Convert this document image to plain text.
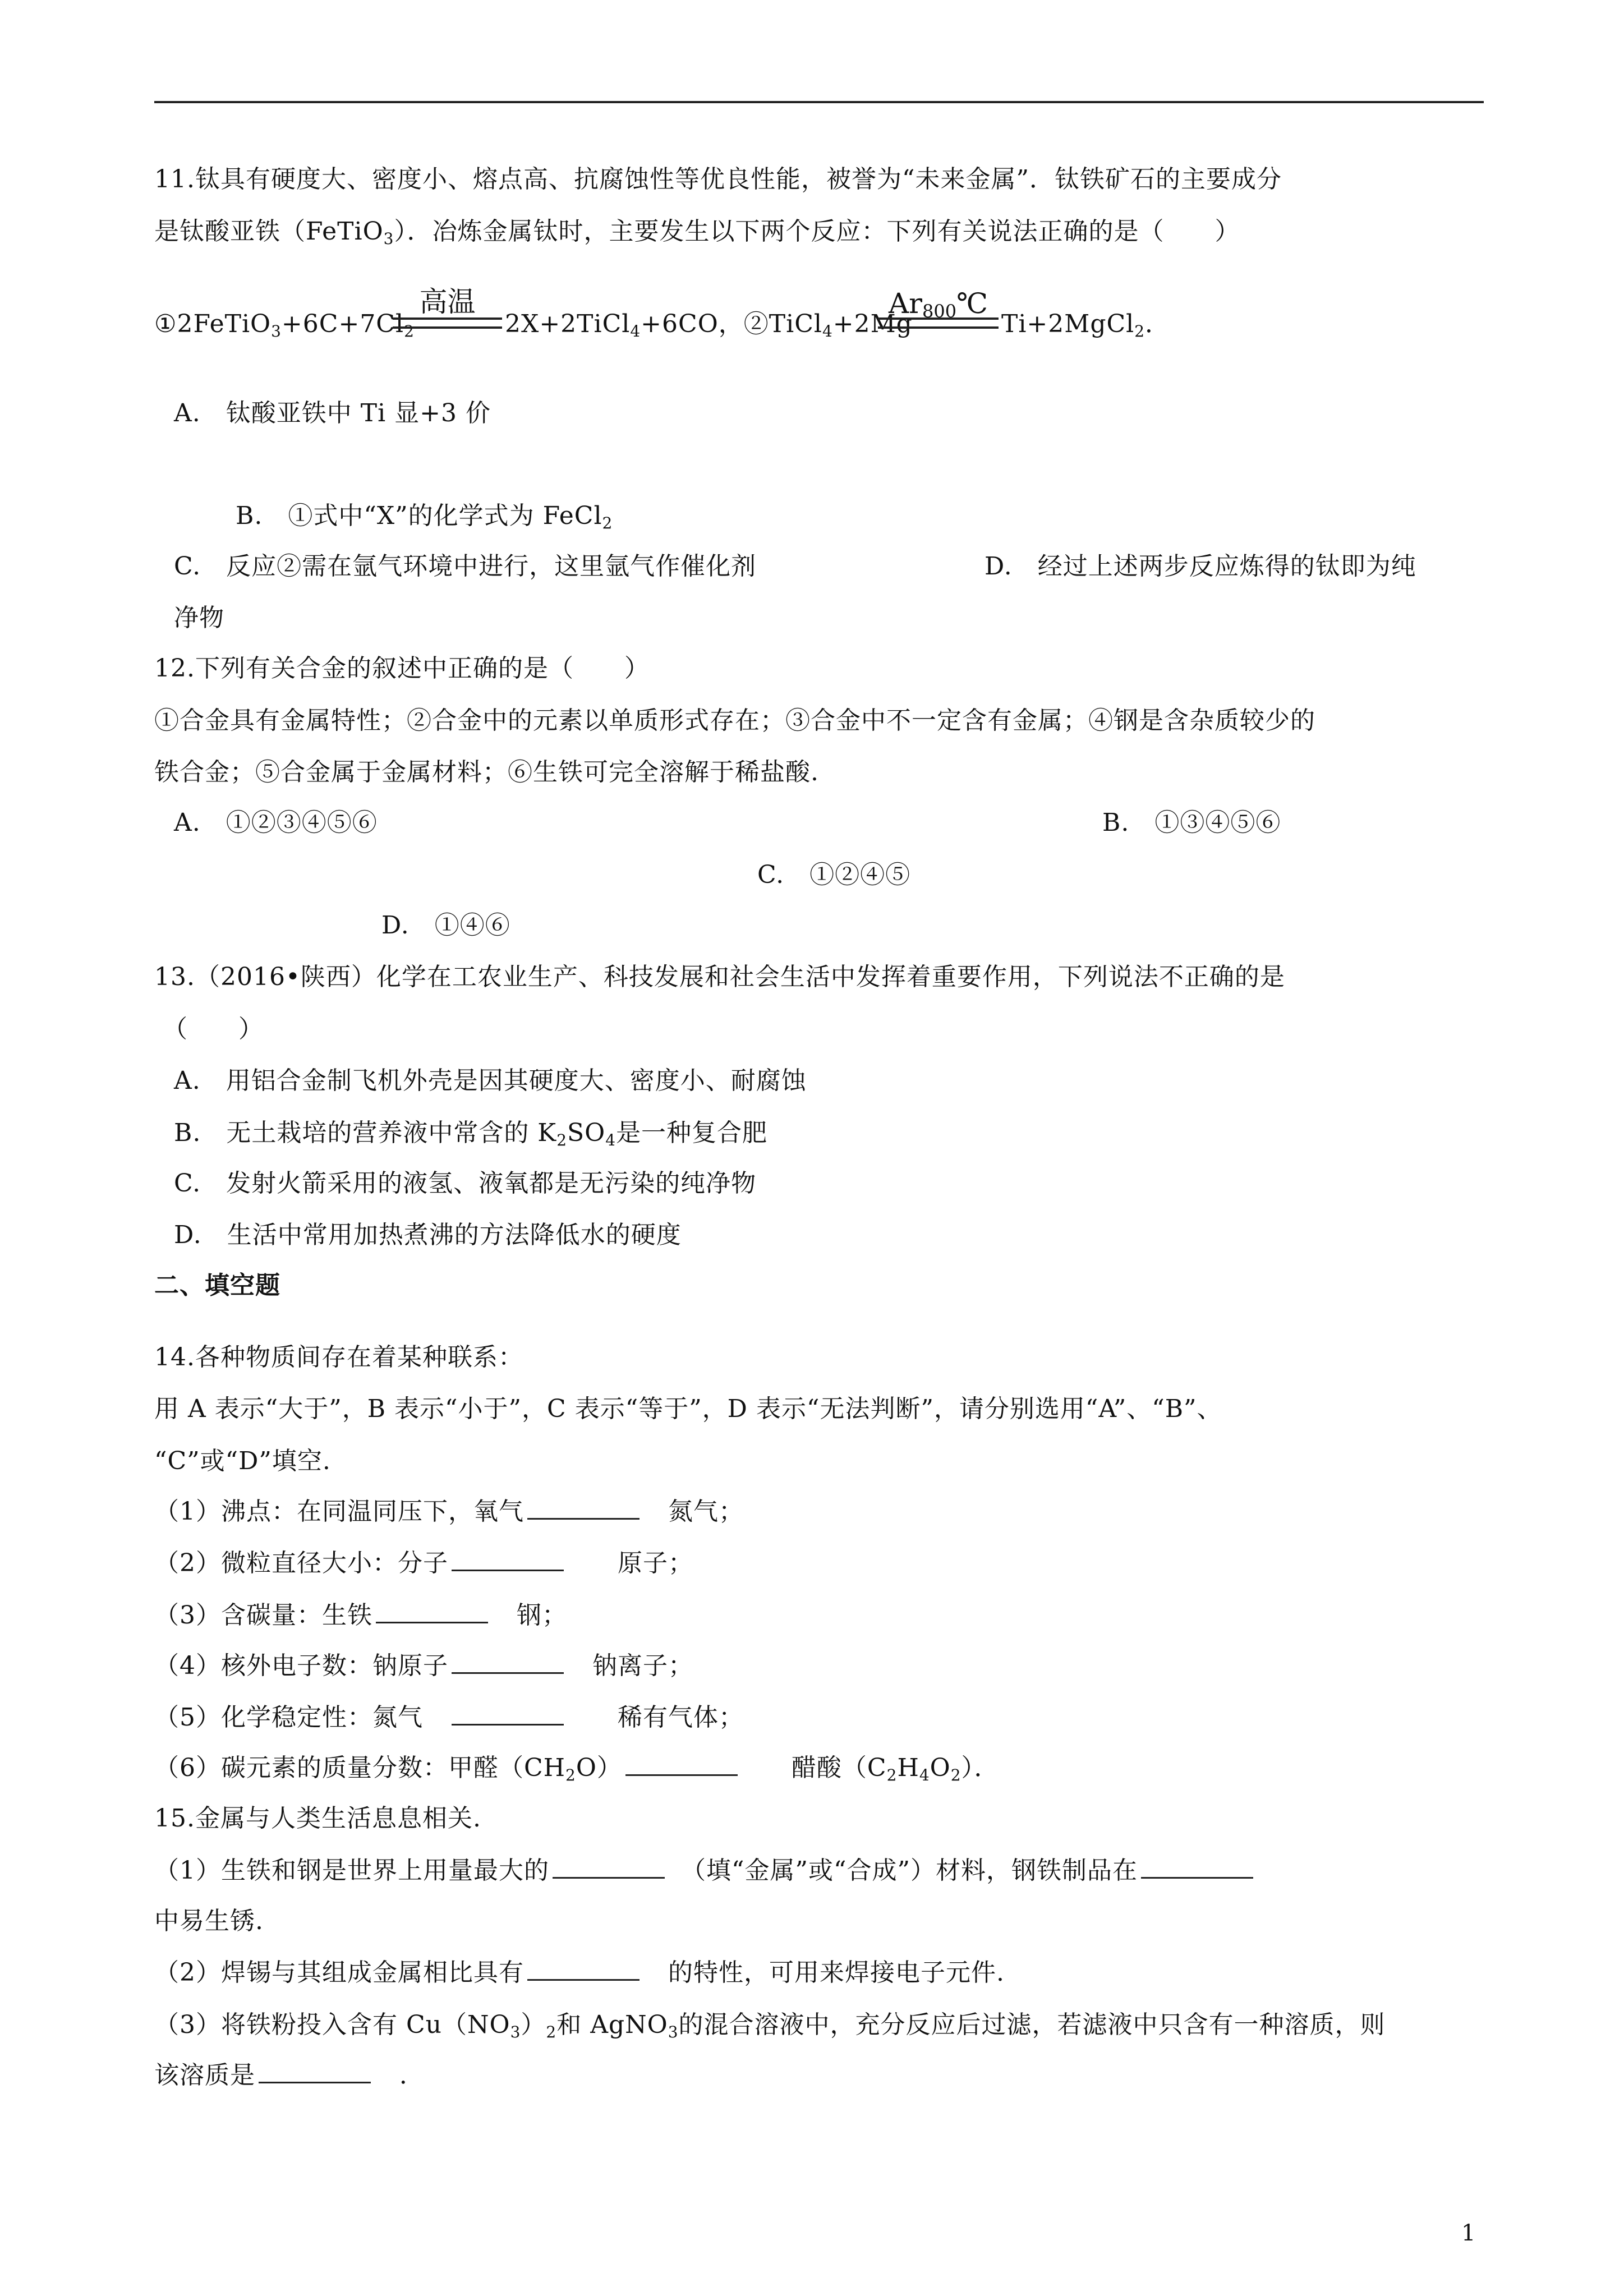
11.钛具有硬度大、密度小、熔点高、抗腐蚀性等优良性能，被誉为“未来金属”．钛铁矿石的主要成分
是钛酸亚铁（FeTiO$_3$）．冶炼金属钛时，主要发生以下两个反应：下列有关说法正确的是（　　）
$①2FeTiO_3+6C+7Cl_2$
高温
2X+2TiCl$_4$+6CO，②TiCl$_4$+2Mg
$Ar_{800}℃$
Ti+2MgCl$_2$．
A.　钛酸亚铁中 Ti 显+3 价
B.　①式中“X”的化学式为 FeCl$_2$
C.　反应②需在氩气环境中进行，这里氩气作催化剂	D.　经过上述两步反应炼得的钛即为纯
净物
12.下列有关合金的叙述中正确的是（　　）
①合金具有金属特性；②合金中的元素以单质形式存在；③合金中不一定含有金属；④钢是含杂质较少的
铁合金；⑤合金属于金属材料；⑥生铁可完全溶解于稀盐酸.
A.　①②③④⑤⑥	B.　①③④⑤⑥
C.　①②④⑤
D.　①④⑥
13.（2016•陕西）化学在工农业生产、科技发展和社会生活中发挥着重要作用，下列说法不正确的是
（　　）
A.　用铝合金制飞机外壳是因其硬度大、密度小、耐腐蚀
B.　无土栽培的营养液中常含的 $K_2SO_4$是一种复合肥
C.　发射火箭采用的液氢、液氧都是无污染的纯净物
D.　生活中常用加热煮沸的方法降低水的硬度
二、填空题
14.各种物质间存在着某种联系：
用 A 表示“大于”，B 表示“小于”，C 表示“等于”，D 表示“无法判断”，请分别选用“A”、“B”、
“C”或“D”填空.
（1）沸点：在同温同压下，氧气　	氮气；
（2）微粒直径大小：分子　　	原子；
（3）含碳量：生铁　	钢；
（4）核外电子数：钠原子　	钠离子；
（5）化学稳定性：氮气　　　	稀有气体；
（6）碳元素的质量分数：甲醛$(CH_2O)$　　	醋酸$(C_2H_4O_2)$．
15.金属与人类生活息息相关.
（1）生铁和钢是世界上用量最大的　	（填“金属”或“合成”）材料，钢铁制品在
中易生锈.
（2）焊锡与其组成金属相比具有　	的特性，可用来焊接电子元件.
（3）将铁粉投入含有 $Cu(NO_3)_2$和 AgNO$_3$的混合溶液中，充分反应后过滤，若滤液中只含有一种溶质，则
该溶质是　	．
1
